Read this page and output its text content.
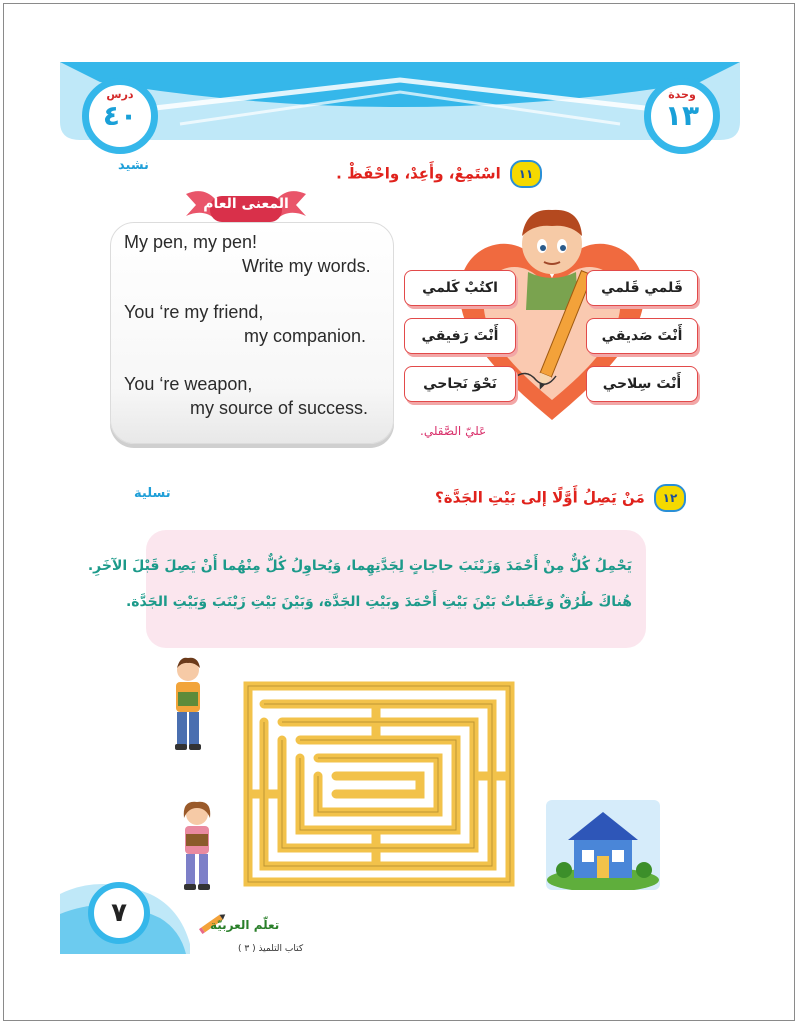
درس
٤٠
وحدة
١٣
نشيد
١١ اسْتَمِعْ، وأَعِدْ، واحْفَظْ .
المعنى العام
My pen, my pen!
Write my words.
You ‘re my friend,
my companion.
You ‘re weapon,
my source of success.
قَلمي قَلمي
اكتُبْ كَلمي
أَنْتَ صَديقي
أَنْتَ رَفيقي
أَنْتَ سِلاحي
نَحْوَ نَجاحي
عَليّ الصَّقلي.
تسلية	١٢ مَنْ يَصِلُ أَوَّلًا إلى بَيْتِ الجَدَّة؟
يَحْمِلُ كُلٌّ مِنْ أَحْمَدَ وَزَيْنَبَ حاجاتٍ لِجَدَّتِهِما، وَيُحاوِلُ كُلٌّ مِنْهُما أَنْ يَصِلَ قَبْلَ الآخَرِ.
هُناكَ طُرُقٌ وَعَقَباتٌ بَيْنَ بَيْتِ أَحْمَدَ وبَيْتِ الجَدَّة، وَبَيْنَ بَيْتِ زَيْنَبَ وَبَيْتِ الجَدَّة.
٧	تعلّم العربيّة
كتاب التلميذ ( ٣ )
